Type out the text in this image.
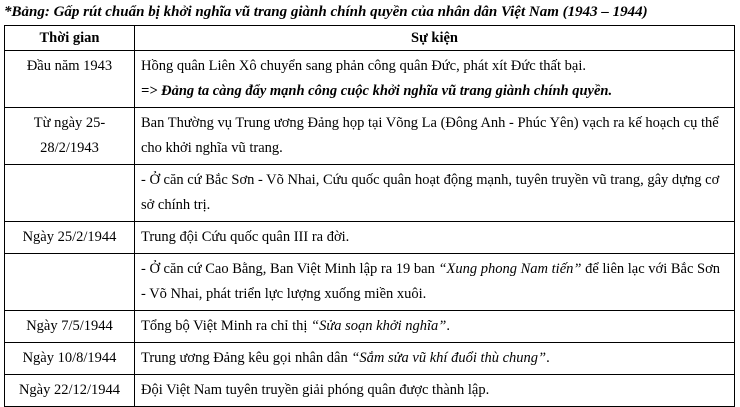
*Bảng: Gấp rút chuẩn bị khởi nghĩa vũ trang giành chính quyền của nhân dân Việt Nam (1943 – 1944)
Thời gian	Sự kiện
Đầu năm 1943	Hồng quân Liên Xô chuyển sang phản công quân Đức, phát xít Đức thất bại.
=> Đảng ta càng đẩy mạnh công cuộc khởi nghĩa vũ trang giành chính quyền.

Từ ngày 25-28/2/1943	Ban Thường vụ Trung ương Đảng họp tại Võng La (Đông Anh - Phúc Yên) vạch ra kế hoạch cụ thể cho khởi nghĩa vũ trang.
	- Ở căn cứ Bắc Sơn - Võ Nhai, Cứu quốc quân hoạt động mạnh, tuyên truyền vũ trang, gây dựng cơ sở chính trị.
Ngày 25/2/1944	Trung đội Cứu quốc quân III ra đời.
	- Ở căn cứ Cao Bằng, Ban Việt Minh lập ra 19 ban “Xung phong Nam tiến” để liên lạc với Bắc Sơn - Võ Nhai, phát triển lực lượng xuống miền xuôi.
Ngày 7/5/1944	Tổng bộ Việt Minh ra chỉ thị “Sửa soạn khởi nghĩa”.
Ngày 10/8/1944	Trung ương Đảng kêu gọi nhân dân “Sắm sửa vũ khí đuổi thù chung”.
Ngày 22/12/1944	Đội Việt Nam tuyên truyền giải phóng quân được thành lập.
